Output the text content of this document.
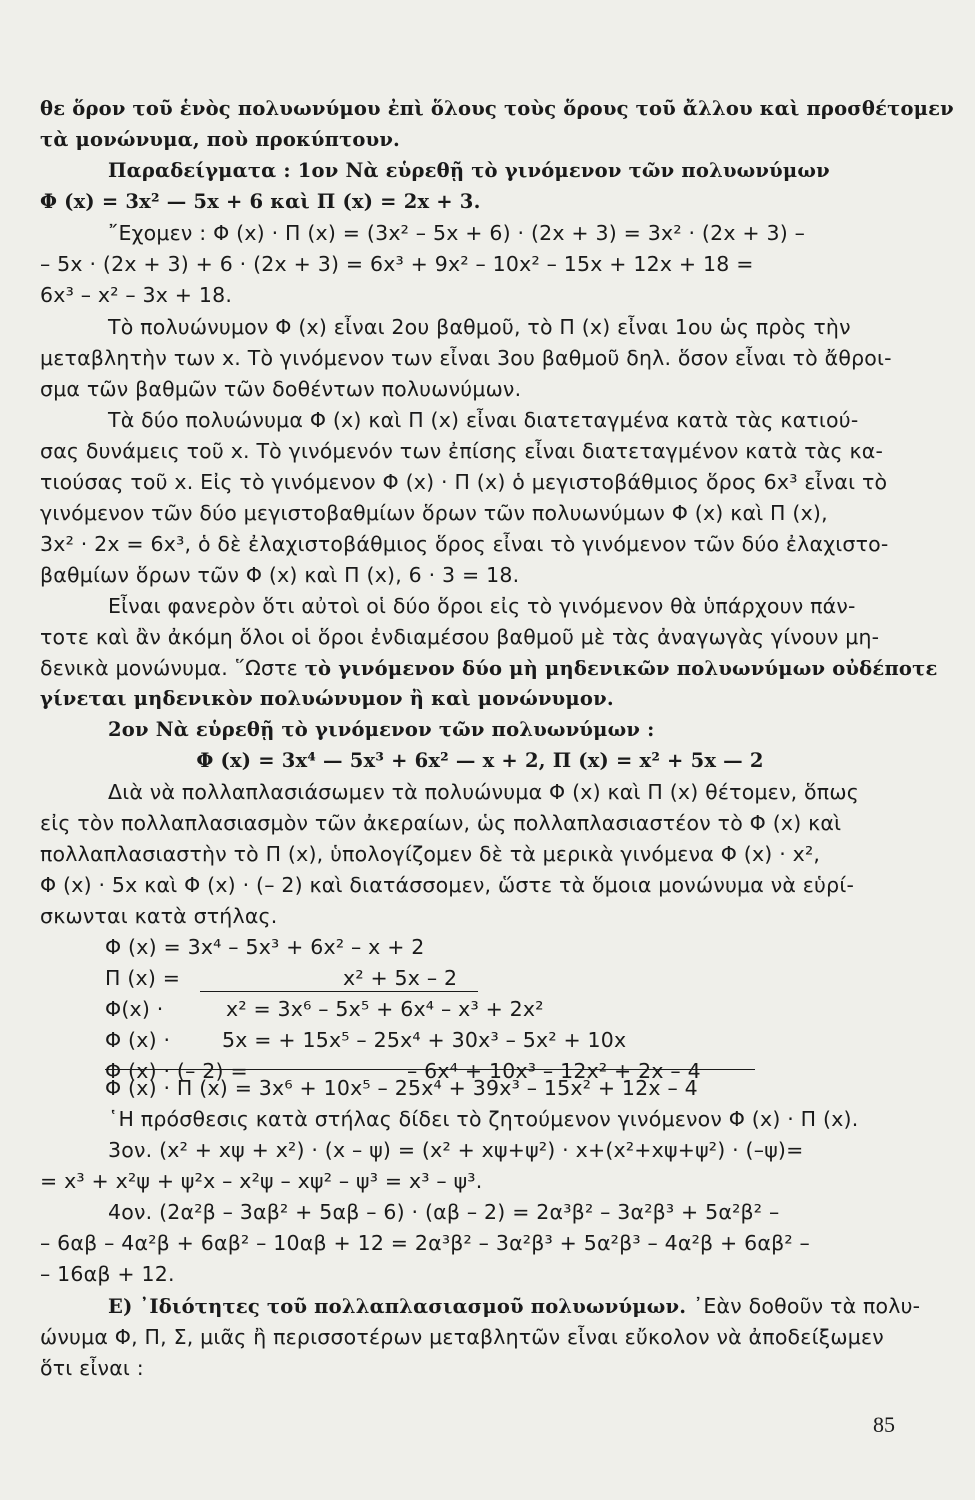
θε ὅρον τοῦ ἑνὸς πολυωνύμου ἐπὶ ὅλους τοὺς ὅρους τοῦ ἄλλου καὶ προσθέτομεν
τὰ μονώνυμα, ποὺ προκύπτουν.
Παραδείγματα : 1ον Νὰ εὑρεθῇ τὸ γινόμενον τῶν πολυωνύμων
Φ (x) = 3x² — 5x + 6 καὶ Π (x) = 2x + 3.
῎Εχομεν : Φ (x) · Π (x) = (3x² – 5x + 6) · (2x + 3) = 3x² · (2x + 3) –
– 5x · (2x + 3) + 6 · (2x + 3) = 6x³ + 9x² – 10x² – 15x + 12x + 18 =
6x³ – x² – 3x + 18.
Τὸ πολυώνυμον Φ (x) εἶναι 2ου βαθμοῦ, τὸ Π (x) εἶναι 1ου ὡς πρὸς τὴν
μεταβλητὴν των x. Τὸ γινόμενον των εἶναι 3ου βαθμοῦ δηλ. ὅσον εἶναι τὸ ἄθροι-
σμα τῶν βαθμῶν τῶν δοθέντων πολυωνύμων.
Τὰ δύο πολυώνυμα Φ (x) καὶ Π (x) εἶναι διατεταγμένα κατὰ τὰς κατιού-
σας δυνάμεις τοῦ x. Τὸ γινόμενόν των ἐπίσης εἶναι διατεταγμένον κατὰ τὰς κα-
τιούσας τοῦ x. Εἰς τὸ γινόμενον Φ (x) · Π (x) ὁ μεγιστοβάθμιος ὅρος 6x³ εἶναι τὸ
γινόμενον τῶν δύο μεγιστοβαθμίων ὅρων τῶν πολυωνύμων Φ (x) καὶ Π (x),
3x² · 2x = 6x³, ὁ δὲ ἐλαχιστοβάθμιος ὅρος εἶναι τὸ γινόμενον τῶν δύο ἐλαχιστο-
βαθμίων ὅρων τῶν Φ (x) καὶ Π (x), 6 · 3 = 18.
Εἶναι φανερὸν ὅτι αὐτοὶ οἱ δύο ὅροι εἰς τὸ γινόμενον θὰ ὑπάρχουν πάν-
τοτε καὶ ἂν ἀκόμη ὅλοι οἱ ὅροι ἐνδιαμέσου βαθμοῦ μὲ τὰς ἀναγωγὰς γίνουν μη-
δενικὰ μονώνυμα. ῞Ωστε τὸ γινόμενον δύο μὴ μηδενικῶν πολυωνύμων οὐδέποτε
γίνεται μηδενικὸν πολυώνυμον ἢ καὶ μονώνυμον.
2ον Νὰ εὑρεθῇ τὸ γινόμενον τῶν πολυωνύμων :
Φ (x) = 3x⁴ — 5x³ + 6x² — x + 2, Π (x) = x² + 5x — 2
Διὰ νὰ πολλαπλασιάσωμεν τὰ πολυώνυμα Φ (x) καὶ Π (x) θέτομεν, ὅπως
εἰς τὸν πολλαπλασιασμὸν τῶν ἀκεραίων, ὡς πολλαπλασιαστέον τὸ Φ (x) καὶ
πολλαπλασιαστὴν τὸ Π (x), ὑπολογίζομεν δὲ τὰ μερικὰ γινόμενα Φ (x) · x²,
Φ (x) · 5x καὶ Φ (x) · (– 2) καὶ διατάσσομεν, ὥστε τὰ ὅμοια μονώνυμα νὰ εὑρί-
σκωνται κατὰ στήλας.
Φ (x) = 3x⁴ – 5x³ + 6x² – x + 2
Π (x) =	x² + 5x – 2
Φ(x) ·	x² = 3x⁶ – 5x⁵ + 6x⁴ – x³ + 2x²
Φ (x) ·	5x = + 15x⁵ – 25x⁴ + 30x³ – 5x² + 10x
Φ (x) · (– 2) =	– 6x⁴ + 10x³ – 12x² + 2x – 4
Φ (x) · Π (x) = 3x⁶ + 10x⁵ – 25x⁴ + 39x³ – 15x² + 12x – 4
῾Η πρόσθεσις κατὰ στήλας δίδει τὸ ζητούμενον γινόμενον Φ (x) · Π (x).
3ον. (x² + xψ + x²) · (x – ψ) = (x² + xψ+ψ²) · x+(x²+xψ+ψ²) · (–ψ)=
= x³ + x²ψ + ψ²x – x²ψ – xψ² – ψ³ = x³ – ψ³.
4ον. (2α²β – 3αβ² + 5αβ – 6) · (αβ – 2) = 2α³β² – 3α²β³ + 5α²β² –
– 6αβ – 4α²β + 6αβ² – 10αβ + 12 = 2α³β² – 3α²β³ + 5α²β³ – 4α²β + 6αβ² –
– 16αβ + 12.
Ε) ᾿Ιδιότητες τοῦ πολλαπλασιασμοῦ πολυωνύμων. ᾿Εὰν δοθοῦν τὰ πολυ-
ώνυμα Φ, Π, Σ, μιᾶς ἢ περισσοτέρων μεταβλητῶν εἶναι εὔκολον νὰ ἀποδείξωμεν
ὅτι εἶναι :
85
